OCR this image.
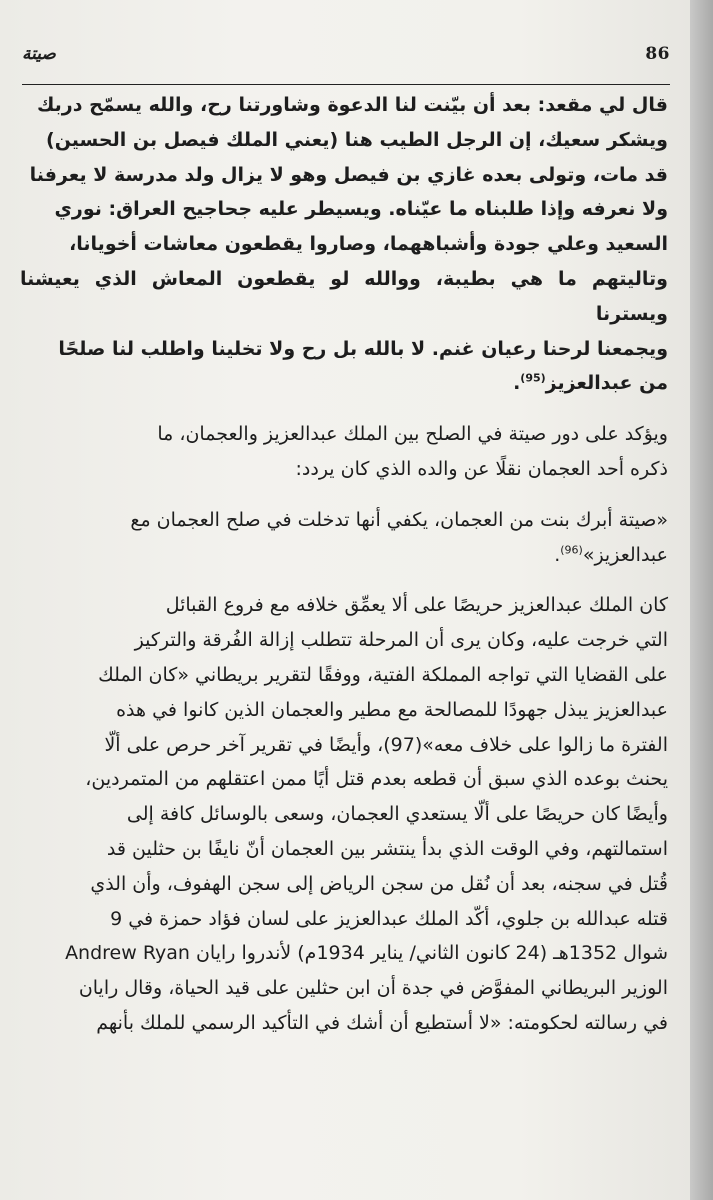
86
صيتة

قال لي مقعد: بعد أن بيّنت لنا الدعوة وشاورتنا رح، والله يسمّح دربك
ويشكر سعيك، إن الرجل الطيب هنا (يعني الملك فيصل بن الحسين)
قد مات، وتولى بعده غازي بن فيصل وهو لا يزال ولد مدرسة لا يعرفنا
ولا نعرفه وإذا طلبناه ما عيّناه. ويسيطر عليه جحاجيح العراق: نوري
السعيد وعلي جودة وأشباههما، وصاروا يقطعون معاشات أخويانا،
وتاليتهم ما هي بطيبة، ووالله لو يقطعون المعاش الذي يعيشنا ويسترنا
ويجمعنا لرحنا رعيان غنم. لا بالله بل رح ولا تخلينا واطلب لنا صلحًا
من عبدالعزيز$^{(95)}$.

ويؤكد على دور صيتة في الصلح بين الملك عبدالعزيز والعجمان، ما
ذكره أحد العجمان نقلًا عن والده الذي كان يردد:

«صيتة أبرك بنت من العجمان، يكفي أنها تدخلت في صلح العجمان مع
عبدالعزيز»$^{(96)}$.

كان الملك عبدالعزيز حريصًا على ألا يعمِّق خلافه مع فروع القبائل
التي خرجت عليه، وكان يرى أن المرحلة تتطلب إزالة الفُرقة والتركيز
على القضايا التي تواجه المملكة الفتية، ووفقًا لتقرير بريطاني «كان الملك
عبدالعزيز يبذل جهودًا للمصالحة مع مطير والعجمان الذين كانوا في هذه
الفترة ما زالوا على خلاف معه»(97)، وأيضًا في تقرير آخر حرص على ألّا
يحنث بوعده الذي سبق أن قطعه بعدم قتل أيًا ممن اعتقلهم من المتمردين،
وأيضًا كان حريصًا على ألّا يستعدي العجمان، وسعى بالوسائل كافة إلى
استمالتهم، وفي الوقت الذي بدأ ينتشر بين العجمان أنّ نايفًا بن حثلين قد
قُتل في سجنه، بعد أن نُقل من سجن الرياض إلى سجن الهفوف، وأن الذي
قتله عبدالله بن جلوي، أكّد الملك عبدالعزيز على لسان فؤاد حمزة في 9
شوال 1352هـ (24 كانون الثاني/ يناير 1934م) لأندروا رايان Andrew Ryan
الوزير البريطاني المفوَّض في جدة أن ابن حثلين على قيد الحياة، وقال رايان
في رسالته لحكومته: «لا أستطيع أن أشك في التأكيد الرسمي للملك بأنهم
